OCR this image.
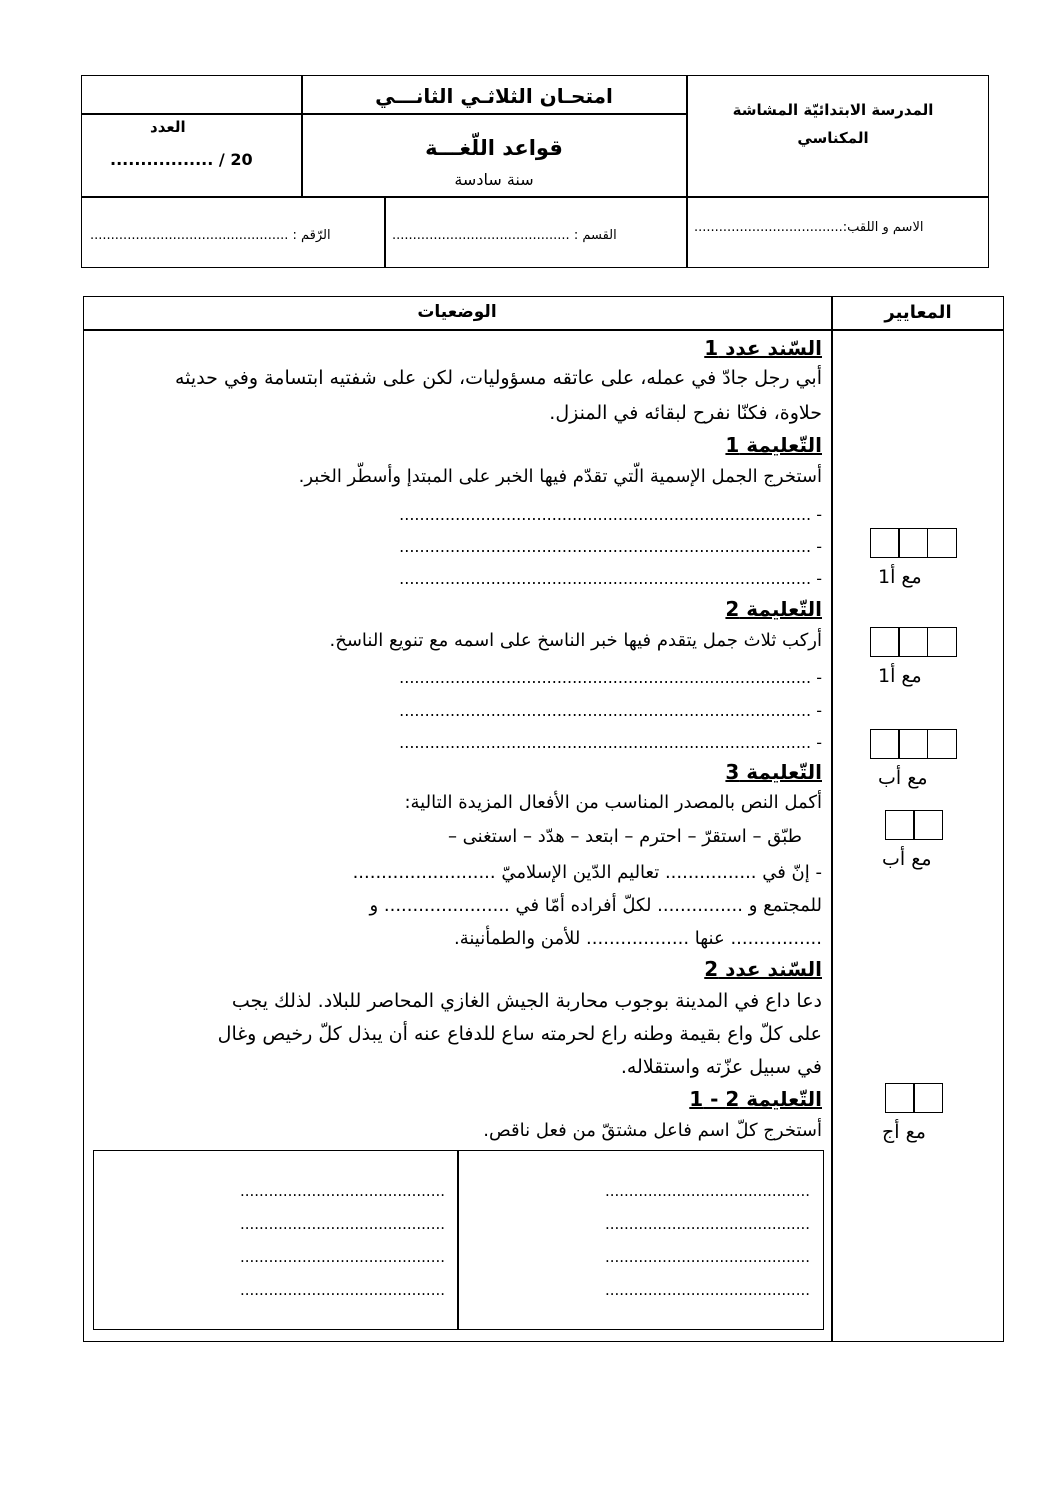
المدرسة الابتدائيّة المشاشة المكناسي
امتحـان الثلاثـي الثانـــي
قواعد اللّغـــة
سنة سادسة
العدد
................. / 20
الاسم و اللقب:....................................
القسم : ...........................................
الرّقم : ................................................
المعايير
الوضعيات
السّند عدد 1
أبي رجل جادّ في عمله، على عاتقه مسؤوليات، لكن على شفتيه ابتسامة وفي حديثه
حلاوة، فكنّا نفرح لبقائه في المنزل.
التّعليمة 1
أستخرج الجمل الإسمية الّتي تقدّم فيها الخبر على المبتدإ وأسطّر الخبر.
- .................................................................................
- .................................................................................
- .................................................................................
التّعليمة 2
أركب ثلاث جمل يتقدم فيها خبر الناسخ على اسمه مع تنويع الناسخ.
- .................................................................................
- .................................................................................
- .................................................................................
التّعليمة 3
أكمل النص بالمصدر المناسب من الأفعال المزيدة التالية:
طبّق – استقرّ – احترم – ابتعد – هدّد – استغنى –
- إنّ في ................ تعاليم الدّين الإسلاميّ .........................
للمجتمع و ............... لكلّ أفراده أمّا في ...................... و
................ عنها .................. للأمن والطمأنينة.
السّند عدد 2
دعا داع في المدينة بوجوب محاربة الجيش الغازي المحاصر للبلاد. لذلك يجب
على كلّ واع بقيمة وطنه راع لحرمته ساع للدفاع عنه أن يبذل كلّ رخيص وغال
في سبيل عزّته واستقلاله.
التّعليمة 2 - 1
أستخرج كلّ اسم فاعل مشتقّ من فعل ناقص.
...........................................
...........................................
...........................................
...........................................
...........................................
...........................................
...........................................
...........................................
مع أ1
مع أ1
مع أب
مع أب
مع أج
